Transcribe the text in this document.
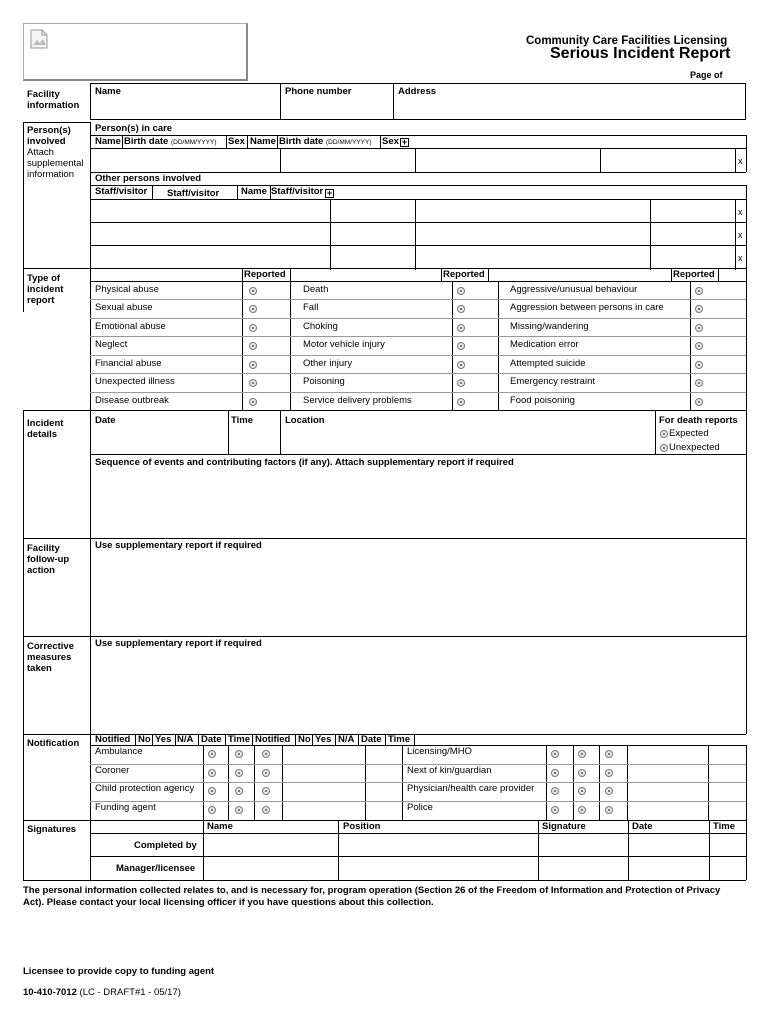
Community Care Facilities Licensing
Serious Incident Report
Page of
Facility information
Name	Phone number	Address
Person(s) involved
Attach supplemental information
Person(s) in care
Name Birth date (DD/MM/YYYY) Sex Name Birth date (DD/MM/YYYY) Sex +
x
Other persons involved
Staff/visitor Staff/visitor Name Staff/visitor +
x
x
x
Type of incident report
Reported	Reported	Reported
Physical abuse	Death	Aggressive/unusual behaviour
Sexual abuse	Fall	Aggression between persons in care
Emotional abuse	Choking	Missing/wandering
Neglect	Motor vehicle injury	Medication error
Financial abuse	Other injury	Attempted suicide
Unexpected illness	Poisoning	Emergency restraint
Disease outbreak	Service delivery problems	Food poisoning
Incident details
Date	Time	Location	For death reports
Expected
Unexpected
Sequence of events and contributing factors (if any). Attach supplementary report if required
Facility follow-up action
Use supplementary report if required
Corrective measures taken
Use supplementary report if required
Notification Notified No Yes N/A Date Time Notified No Yes N/A Date Time
Ambulance	Licensing/MHO
Coroner	Next of kin/guardian
Child protection agency	Physician/health care provider
Funding agent	Police
Signatures	Name	Position	Signature	Date	Time
Completed by
Manager/licensee
The personal information collected relates to, and is necessary for, program operation (Section 26 of the Freedom of Information and Protection of Privacy Act). Please contact your local licensing officer if you have questions about this collection.
Licensee to provide copy to funding agent
10-410-7012 (LC - DRAFT#1 - 05/17)
